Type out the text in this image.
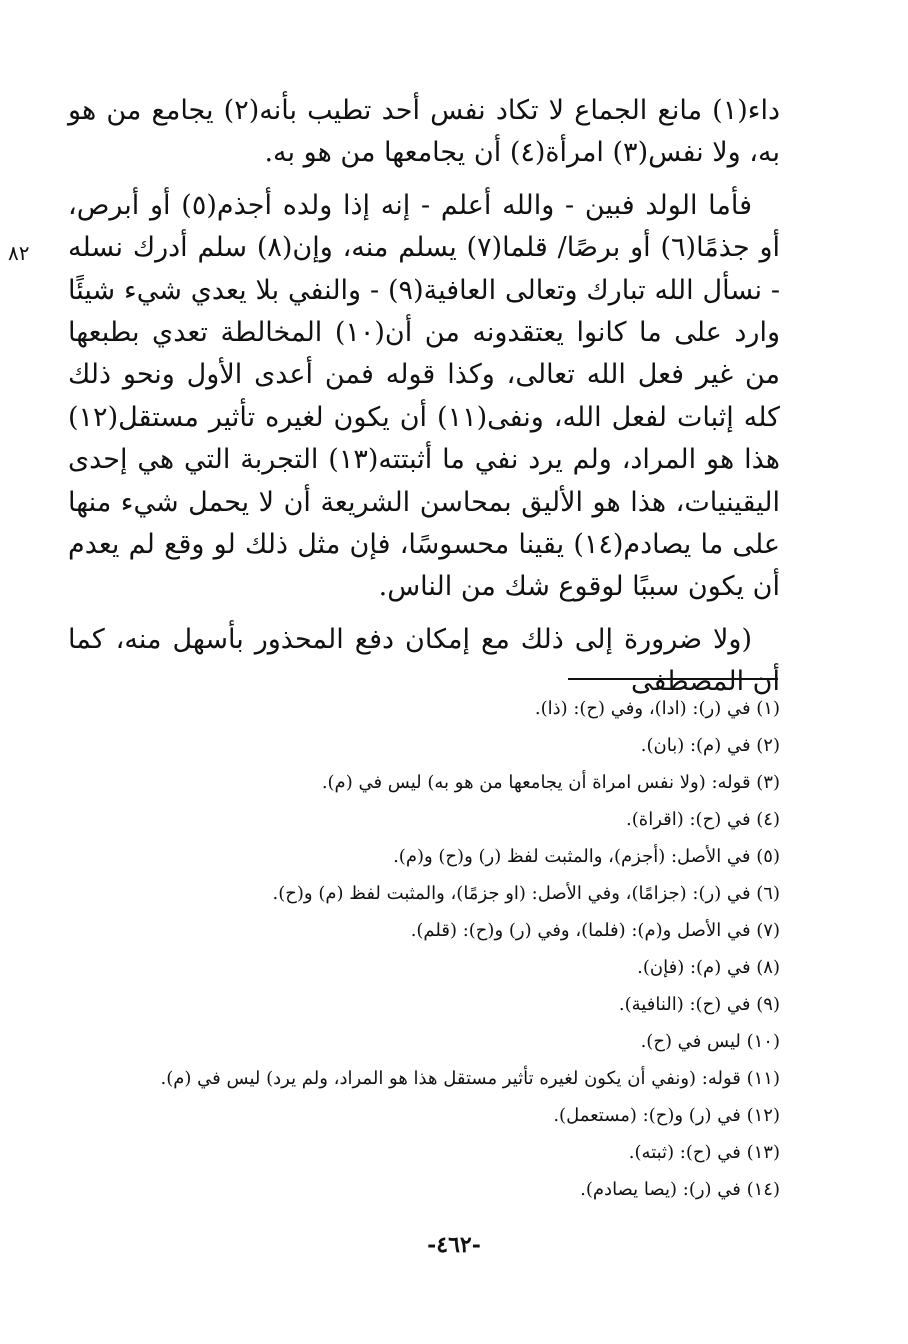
٨٢

داء(١) مانع الجماع لا تكاد نفس أحد تطيب بأنه(٢) يجامع من هو به، ولا نفس(٣) امرأة(٤) أن يجامعها من هو به.

فأما الولد فبين - والله أعلم - إنه إذا ولده أجذم(٥) أو أبرص، أو جذمًا(٦) أو برصًا/ قلما(٧) يسلم منه، وإن(٨) سلم أدرك نسله - نسأل الله تبارك وتعالى العافية(٩) - والنفي بلا يعدي شيء شيئًا وارد على ما كانوا يعتقدونه من أن(١٠) المخالطة تعدي بطبعها من غير فعل الله تعالى، وكذا قوله فمن أعدى الأول ونحو ذلك كله إثبات لفعل الله، ونفى(١١) أن يكون لغيره تأثير مستقل(١٢) هذا هو المراد، ولم يرد نفي ما أثبتته(١٣) التجربة التي هي إحدى اليقينيات، هذا هو الأليق بمحاسن الشريعة أن لا يحمل شيء منها على ما يصادم(١٤) يقينا محسوسًا، فإن مثل ذلك لو وقع لم يعدم أن يكون سببًا لوقوع شك من الناس.

(ولا ضرورة إلى ذلك مع إمكان دفع المحذور بأسهل منه، كما أن المصطفى

(١) في (ر): (ادا)، وفي (ح): (ذا).
(٢) في (م): (بان).
(٣) قوله: (ولا نفس امراة أن يجامعها من هو به) ليس في (م).
(٤) في (ح): (اقراة).
(٥) في الأصل: (أجزم)، والمثبت لفظ (ر) و(ح) و(م).
(٦) في (ر): (جزامًا)، وفي الأصل: (او جزمًا)، والمثبت لفظ (م) و(ح).
(٧) في الأصل و(م): (فلما)، وفي (ر) و(ح): (قلم).
(٨) في (م): (فإن).
(٩) في (ح): (النافية).
(١٠) ليس في (ح).
(١١) قوله: (ونفي أن يكون لغيره تأثير مستقل هذا هو المراد، ولم يرد) ليس في (م).
(١٢) في (ر) و(ح): (مستعمل).
(١٣) في (ح): (ثبته).
(١٤) في (ر): (يصا يصادم).
-٤٦٢-
